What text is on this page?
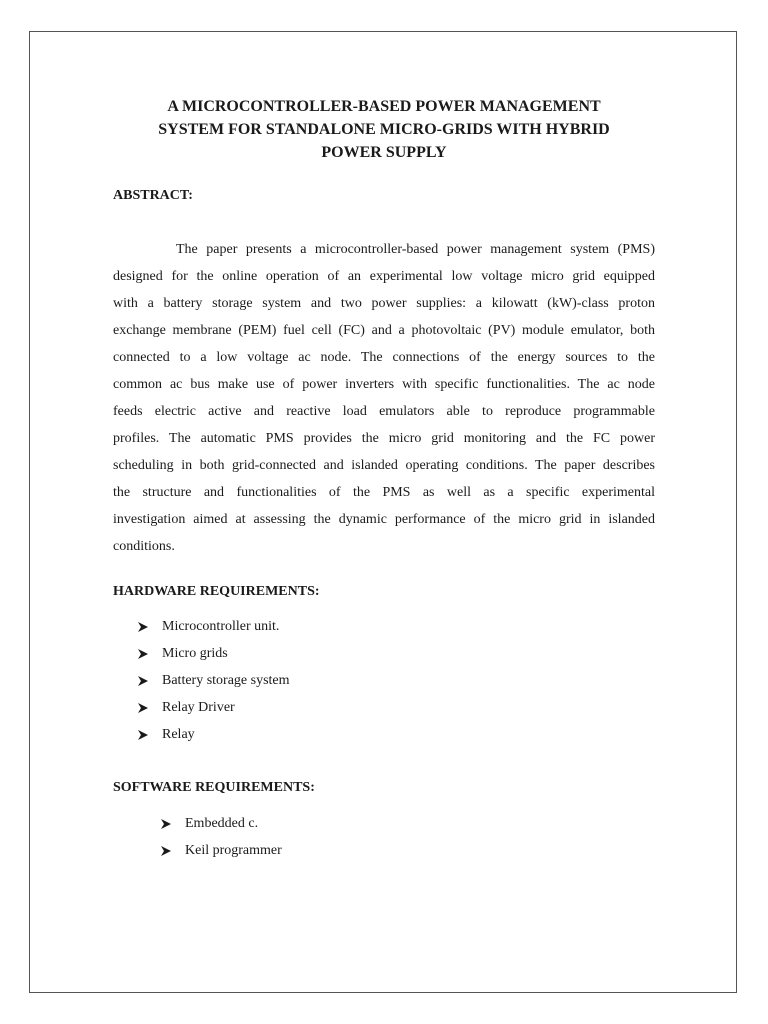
A MICROCONTROLLER-BASED POWER MANAGEMENT
SYSTEM FOR STANDALONE MICRO-GRIDS WITH HYBRID
POWER SUPPLY
ABSTRACT:
The paper presents a microcontroller-based power management system (PMS)
designed for the online operation of an experimental low voltage micro grid equipped
with a battery storage system and two power supplies: a kilowatt (kW)-class proton
exchange membrane (PEM) fuel cell (FC) and a photovoltaic (PV) module emulator, both
connected to a low voltage ac node. The connections of the energy sources to the
common ac bus make use of power inverters with specific functionalities. The ac node
feeds electric active and reactive load emulators able to reproduce programmable
profiles. The automatic PMS provides the micro grid monitoring and the FC power
scheduling in both grid-connected and islanded operating conditions. The paper describes
the structure and functionalities of the PMS as well as a specific experimental
investigation aimed at assessing the dynamic performance of the micro grid in islanded
conditions.
HARDWARE REQUIREMENTS:
Microcontroller unit.
Micro grids
Battery storage system
Relay Driver
Relay
SOFTWARE REQUIREMENTS:
Embedded c.
Keil programmer
